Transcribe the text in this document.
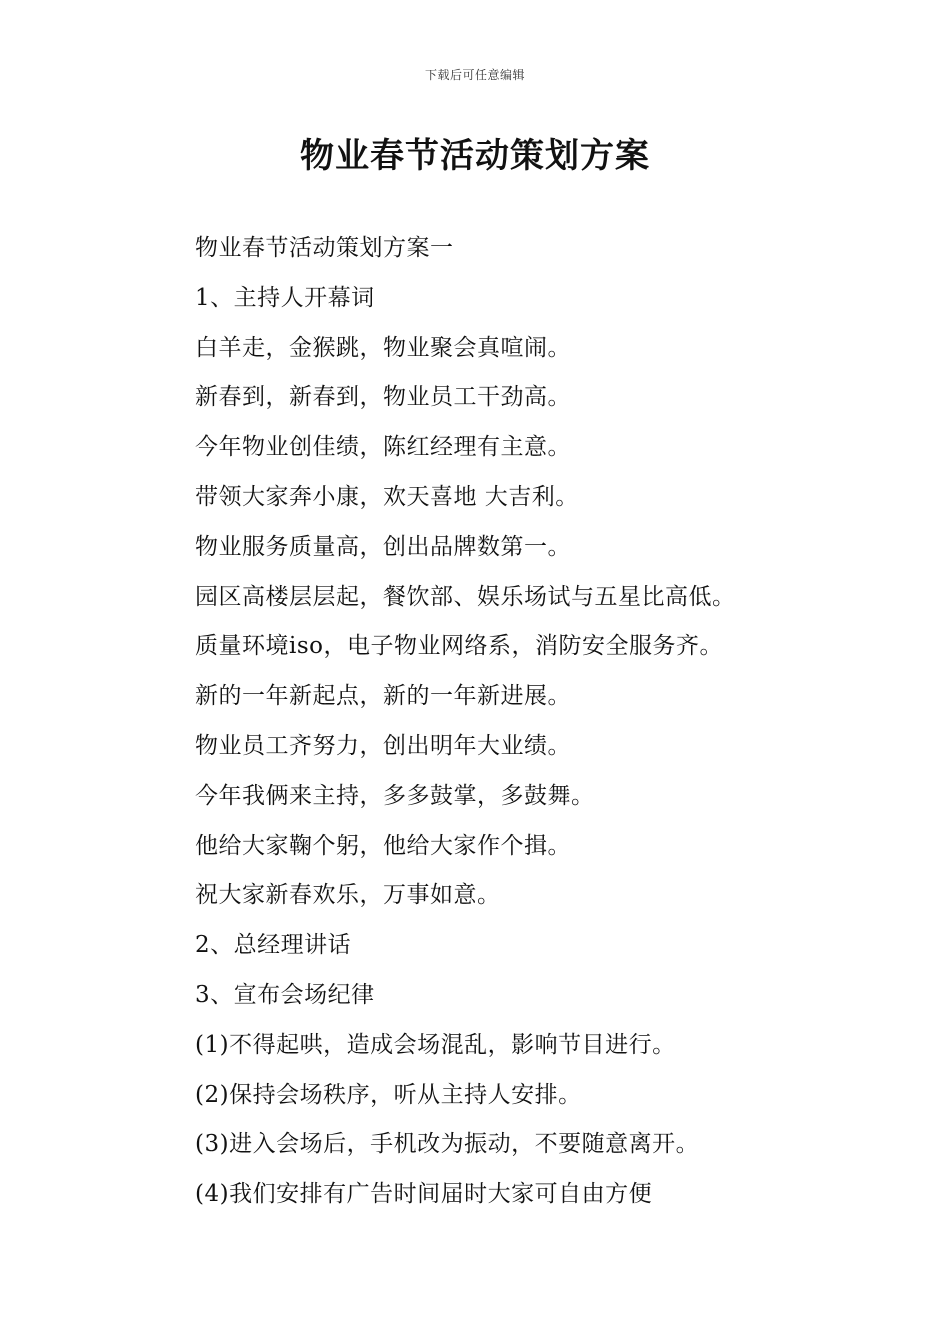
下载后可任意编辑
物业春节活动策划方案
物业春节活动策划方案一
1、主持人开幕词
白羊走，金猴跳，物业聚会真喧闹。
新春到，新春到，物业员工干劲高。
今年物业创佳绩，陈红经理有主意。
带领大家奔小康，欢天喜地 大吉利。
物业服务质量高，创出品牌数第一。
园区高楼层层起，餐饮部、娱乐场试与五星比高低。
质量环境iso，电子物业网络系，消防安全服务齐。
新的一年新起点，新的一年新进展。
物业员工齐努力，创出明年大业绩。
今年我俩来主持，多多鼓掌，多鼓舞。
他给大家鞠个躬，他给大家作个揖。
祝大家新春欢乐，万事如意。
2、总经理讲话
3、宣布会场纪律
(1)不得起哄，造成会场混乱，影响节目进行。
(2)保持会场秩序，听从主持人安排。
(3)进入会场后，手机改为振动，不要随意离开。
(4)我们安排有广告时间届时大家可自由方便
